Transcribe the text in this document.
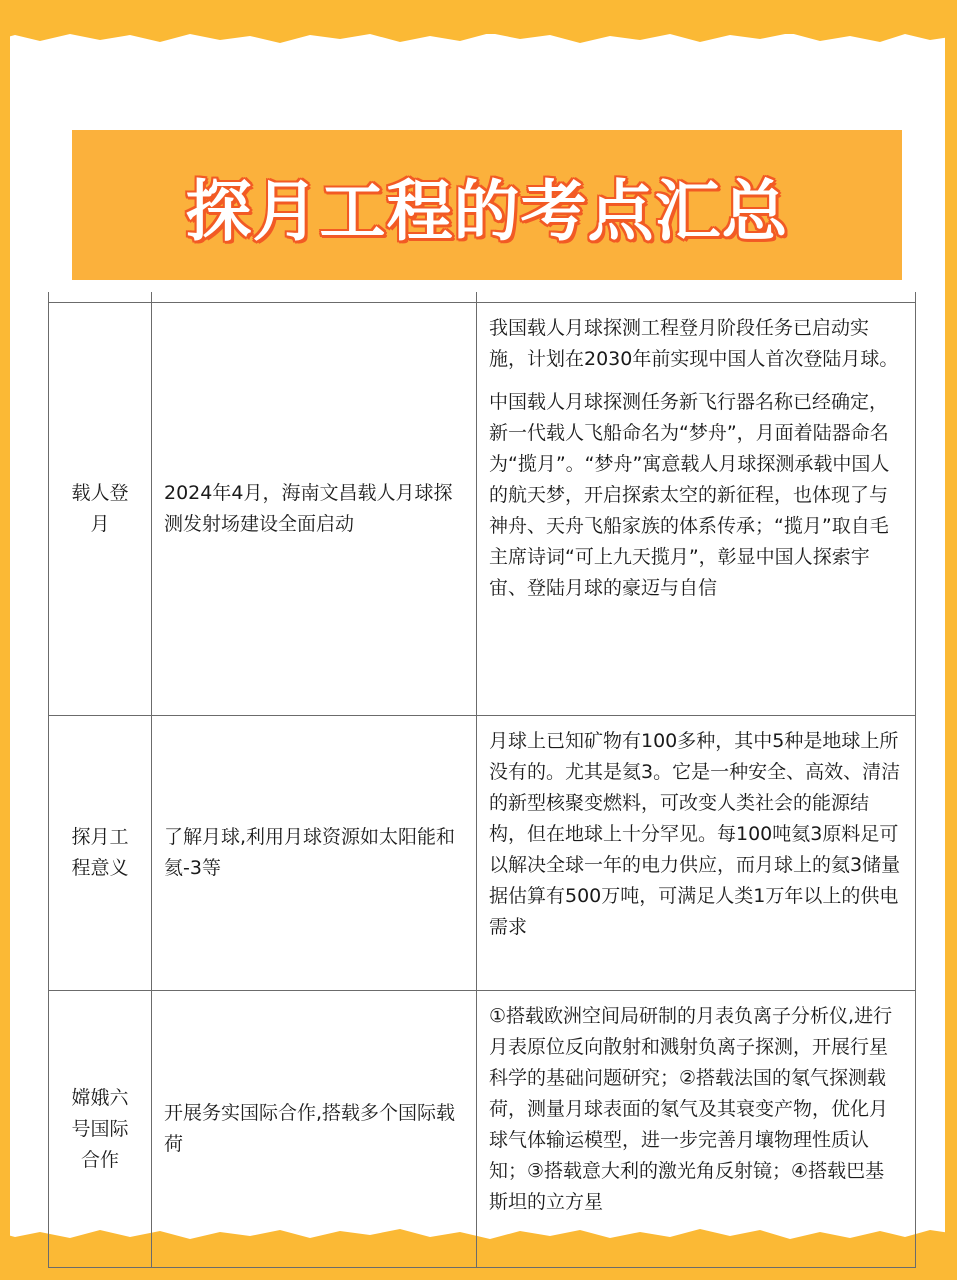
探月工程的考点汇总

载人登月	2024年4月，海南文昌载人月球探测发射场建设全面启动	我国载人月球探测工程登月阶段任务已启动实施，计划在2030年前实现中国人首次登陆月球。

中国载人月球探测任务新飞行器名称已经确定，新一代载人飞船命名为“梦舟”，月面着陆器命名为“揽月”。“梦舟”寓意载人月球探测承载中国人的航天梦，开启探索太空的新征程，也体现了与神舟、天舟飞船家族的体系传承；“揽月”取自毛主席诗词“可上九天揽月”，彰显中国人探索宇宙、登陆月球的豪迈与自信

探月工程意义	了解月球,利用月球资源如太阳能和氦-3等	月球上已知矿物有100多种，其中5种是地球上所没有的。尤其是氦3。它是一种安全、高效、清洁的新型核聚变燃料，可改变人类社会的能源结构，但在地球上十分罕见。每100吨氦3原料足可以解决全球一年的电力供应，而月球上的氦3储量据估算有500万吨，可满足人类1万年以上的供电需求

嫦娥六号国际合作	开展务实国际合作,搭载多个国际载荷	①搭载欧洲空间局研制的月表负离子分析仪,进行月表原位反向散射和溅射负离子探测，开展行星科学的基础问题研究；②搭载法国的氡气探测载荷，测量月球表面的氡气及其衰变产物，优化月球气体输运模型，进一步完善月壤物理性质认知；③搭载意大利的激光角反射镜；④搭载巴基斯坦的立方星
